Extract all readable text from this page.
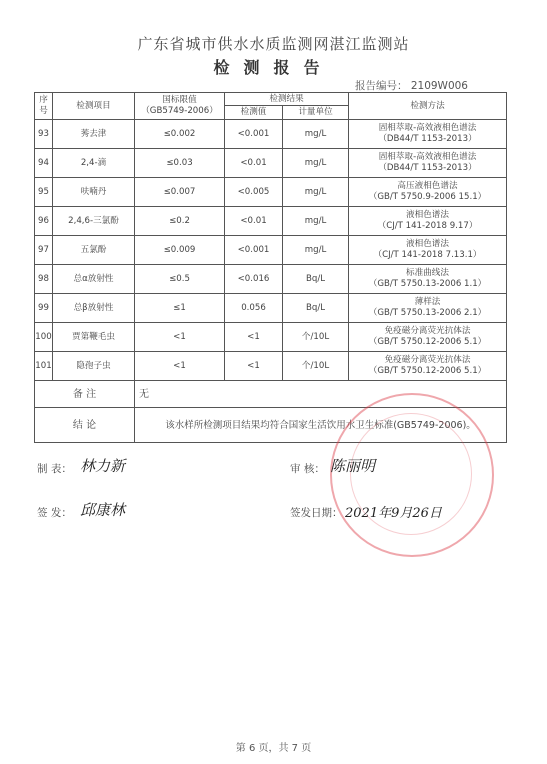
广东省城市供水水质监测网湛江监测站
检测报告
报告编号： 2109W006
序号	检测项目	国标限值
（GB5749-2006）	检测结果		检测方法
			检测值	计量单位	
93	莠去津	≤0.002	<0.001	mg/L	固相萃取-高效液相色谱法
（DB44/T 1153-2013）

94	2,4-滴	≤0.03	<0.01	mg/L	固相萃取-高效液相色谱法
（DB44/T 1153-2013）

95	呋喃丹	≤0.007	<0.005	mg/L	高压液相色谱法
（GB/T 5750.9-2006 15.1）

96	2,4,6-三氯酚	≤0.2	<0.01	mg/L	液相色谱法
（CJ/T 141-2018 9.17）

97	五氯酚	≤0.009	<0.001	mg/L	液相色谱法
（CJ/T 141-2018 7.13.1）

98	总α放射性	≤0.5	<0.016	Bq/L	标准曲线法
（GB/T 5750.13-2006 1.1）

99	总β放射性	≤1	0.056	Bq/L	薄样法
（GB/T 5750.13-2006 2.1）

100	贾第鞭毛虫	<1	<1	个/10L	免疫磁分离荧光抗体法
（GB/T 5750.12-2006 5.1）

101	隐孢子虫	<1	<1	个/10L	免疫磁分离荧光抗体法
（GB/T 5750.12-2006 5.1）

备 注		无			
结 论		该水样所检测项目结果均符合国家生活饮用水卫生标准(GB5749-2006)。			
制 表： 林力新	审 核： 陈丽明
签 发： 邱康林	签发日期： 2021年9月26日
第 6 页，共 7 页
